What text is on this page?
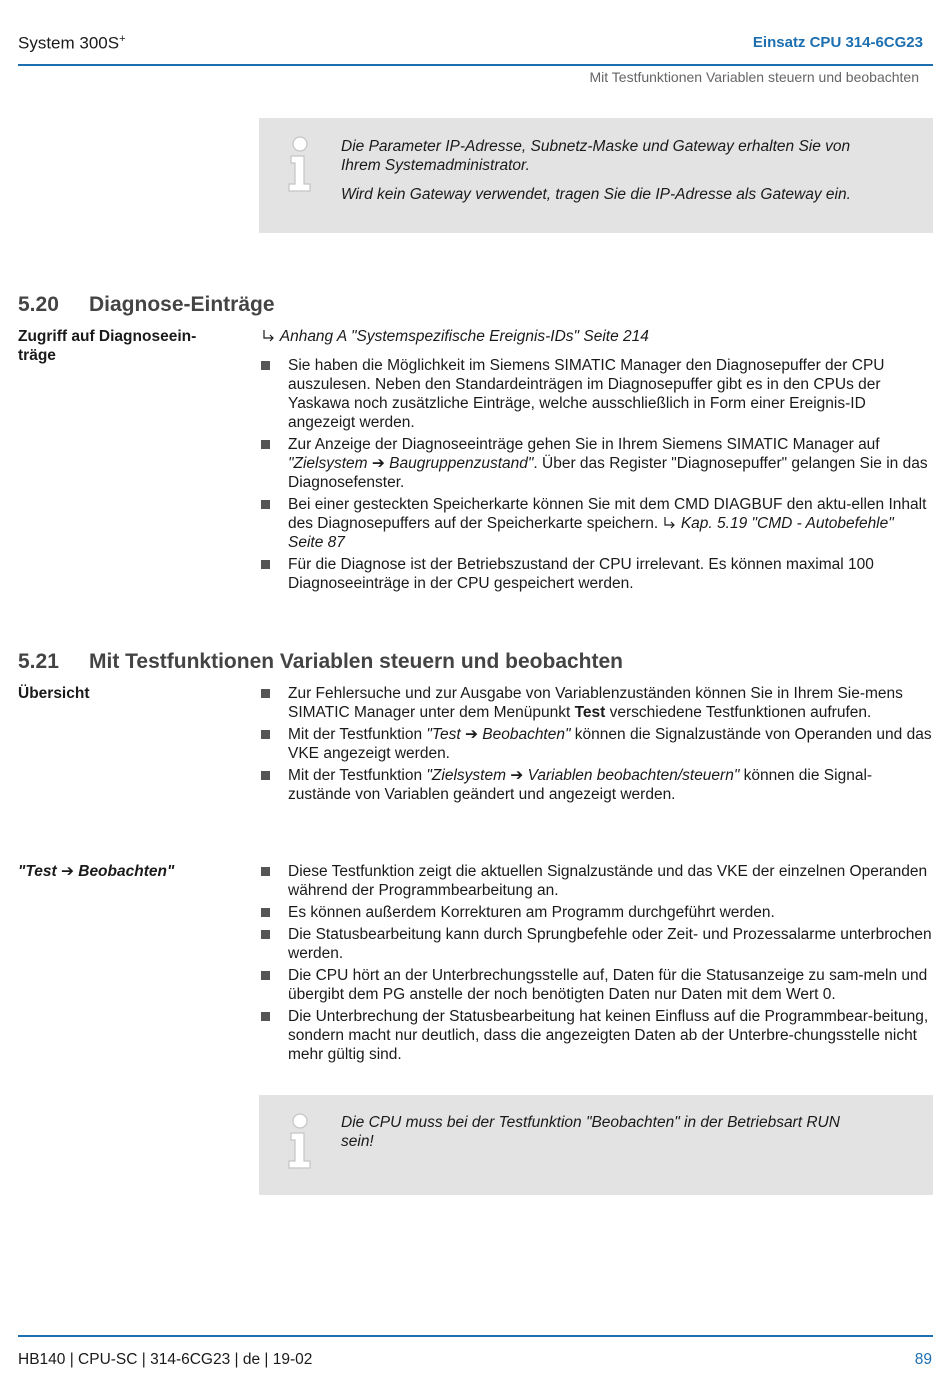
System 300S+	Einsatz CPU 314-6CG23
Mit Testfunktionen Variablen steuern und beobachten

Die Parameter IP-Adresse, Subnetz-Maske und Gateway erhalten Sie von Ihrem Systemadministrator.

Wird kein Gateway verwendet, tragen Sie die IP-Adresse als Gateway ein.

5.20 Diagnose-Einträge
Zugriff auf Diagnoseein-
träge
Anhang A "Systemspezifische Ereignis-IDs" Seite 214
Sie haben die Möglichkeit im Siemens SIMATIC Manager den Diagnosepuffer der CPU auszulesen. Neben den Standardeinträgen im Diagnosepuffer gibt es in den CPUs der Yaskawa noch zusätzliche Einträge, welche ausschließlich in Form einer Ereignis-ID angezeigt werden.
Zur Anzeige der Diagnoseeinträge gehen Sie in Ihrem Siemens SIMATIC Manager auf "Zielsystem ➔ Baugruppenzustand". Über das Register "Diagnosepuffer" gelangen Sie in das Diagnosefenster.
Bei einer gesteckten Speicherkarte können Sie mit dem CMD DIAGBUF den aktu-ellen Inhalt des Diagnosepuffers auf der Speicherkarte speichern.  Kap. 5.19 "CMD - Autobefehle" Seite 87
Für die Diagnose ist der Betriebszustand der CPU irrelevant. Es können maximal 100 Diagnoseeinträge in der CPU gespeichert werden.
5.21 Mit Testfunktionen Variablen steuern und beobachten
Übersicht	Zur Fehlersuche und zur Ausgabe von Variablenzuständen können Sie in Ihrem Sie-mens SIMATIC Manager unter dem Menüpunkt Test verschiedene Testfunktionen aufrufen.
Mit der Testfunktion "Test ➔ Beobachten" können die Signalzustände von Operanden und das VKE angezeigt werden.
Mit der Testfunktion "Zielsystem ➔ Variablen beobachten/steuern" können die Signal-zustände von Variablen geändert und angezeigt werden.
"Test ➔ Beobachten"	Diese Testfunktion zeigt die aktuellen Signalzustände und das VKE der einzelnen Operanden während der Programmbearbeitung an.
Es können außerdem Korrekturen am Programm durchgeführt werden.
Die Statusbearbeitung kann durch Sprungbefehle oder Zeit- und Prozessalarme unterbrochen werden.
Die CPU hört an der Unterbrechungsstelle auf, Daten für die Statusanzeige zu sam-meln und übergibt dem PG anstelle der noch benötigten Daten nur Daten mit dem Wert 0.
Die Unterbrechung der Statusbearbeitung hat keinen Einfluss auf die Programmbear-beitung, sondern macht nur deutlich, dass die angezeigten Daten ab der Unterbre-chungsstelle nicht mehr gültig sind.
Die CPU muss bei der Testfunktion "Beobachten" in der Betriebsart RUN sein!
HB140 | CPU-SC | 314-6CG23 | de | 19-02	89
